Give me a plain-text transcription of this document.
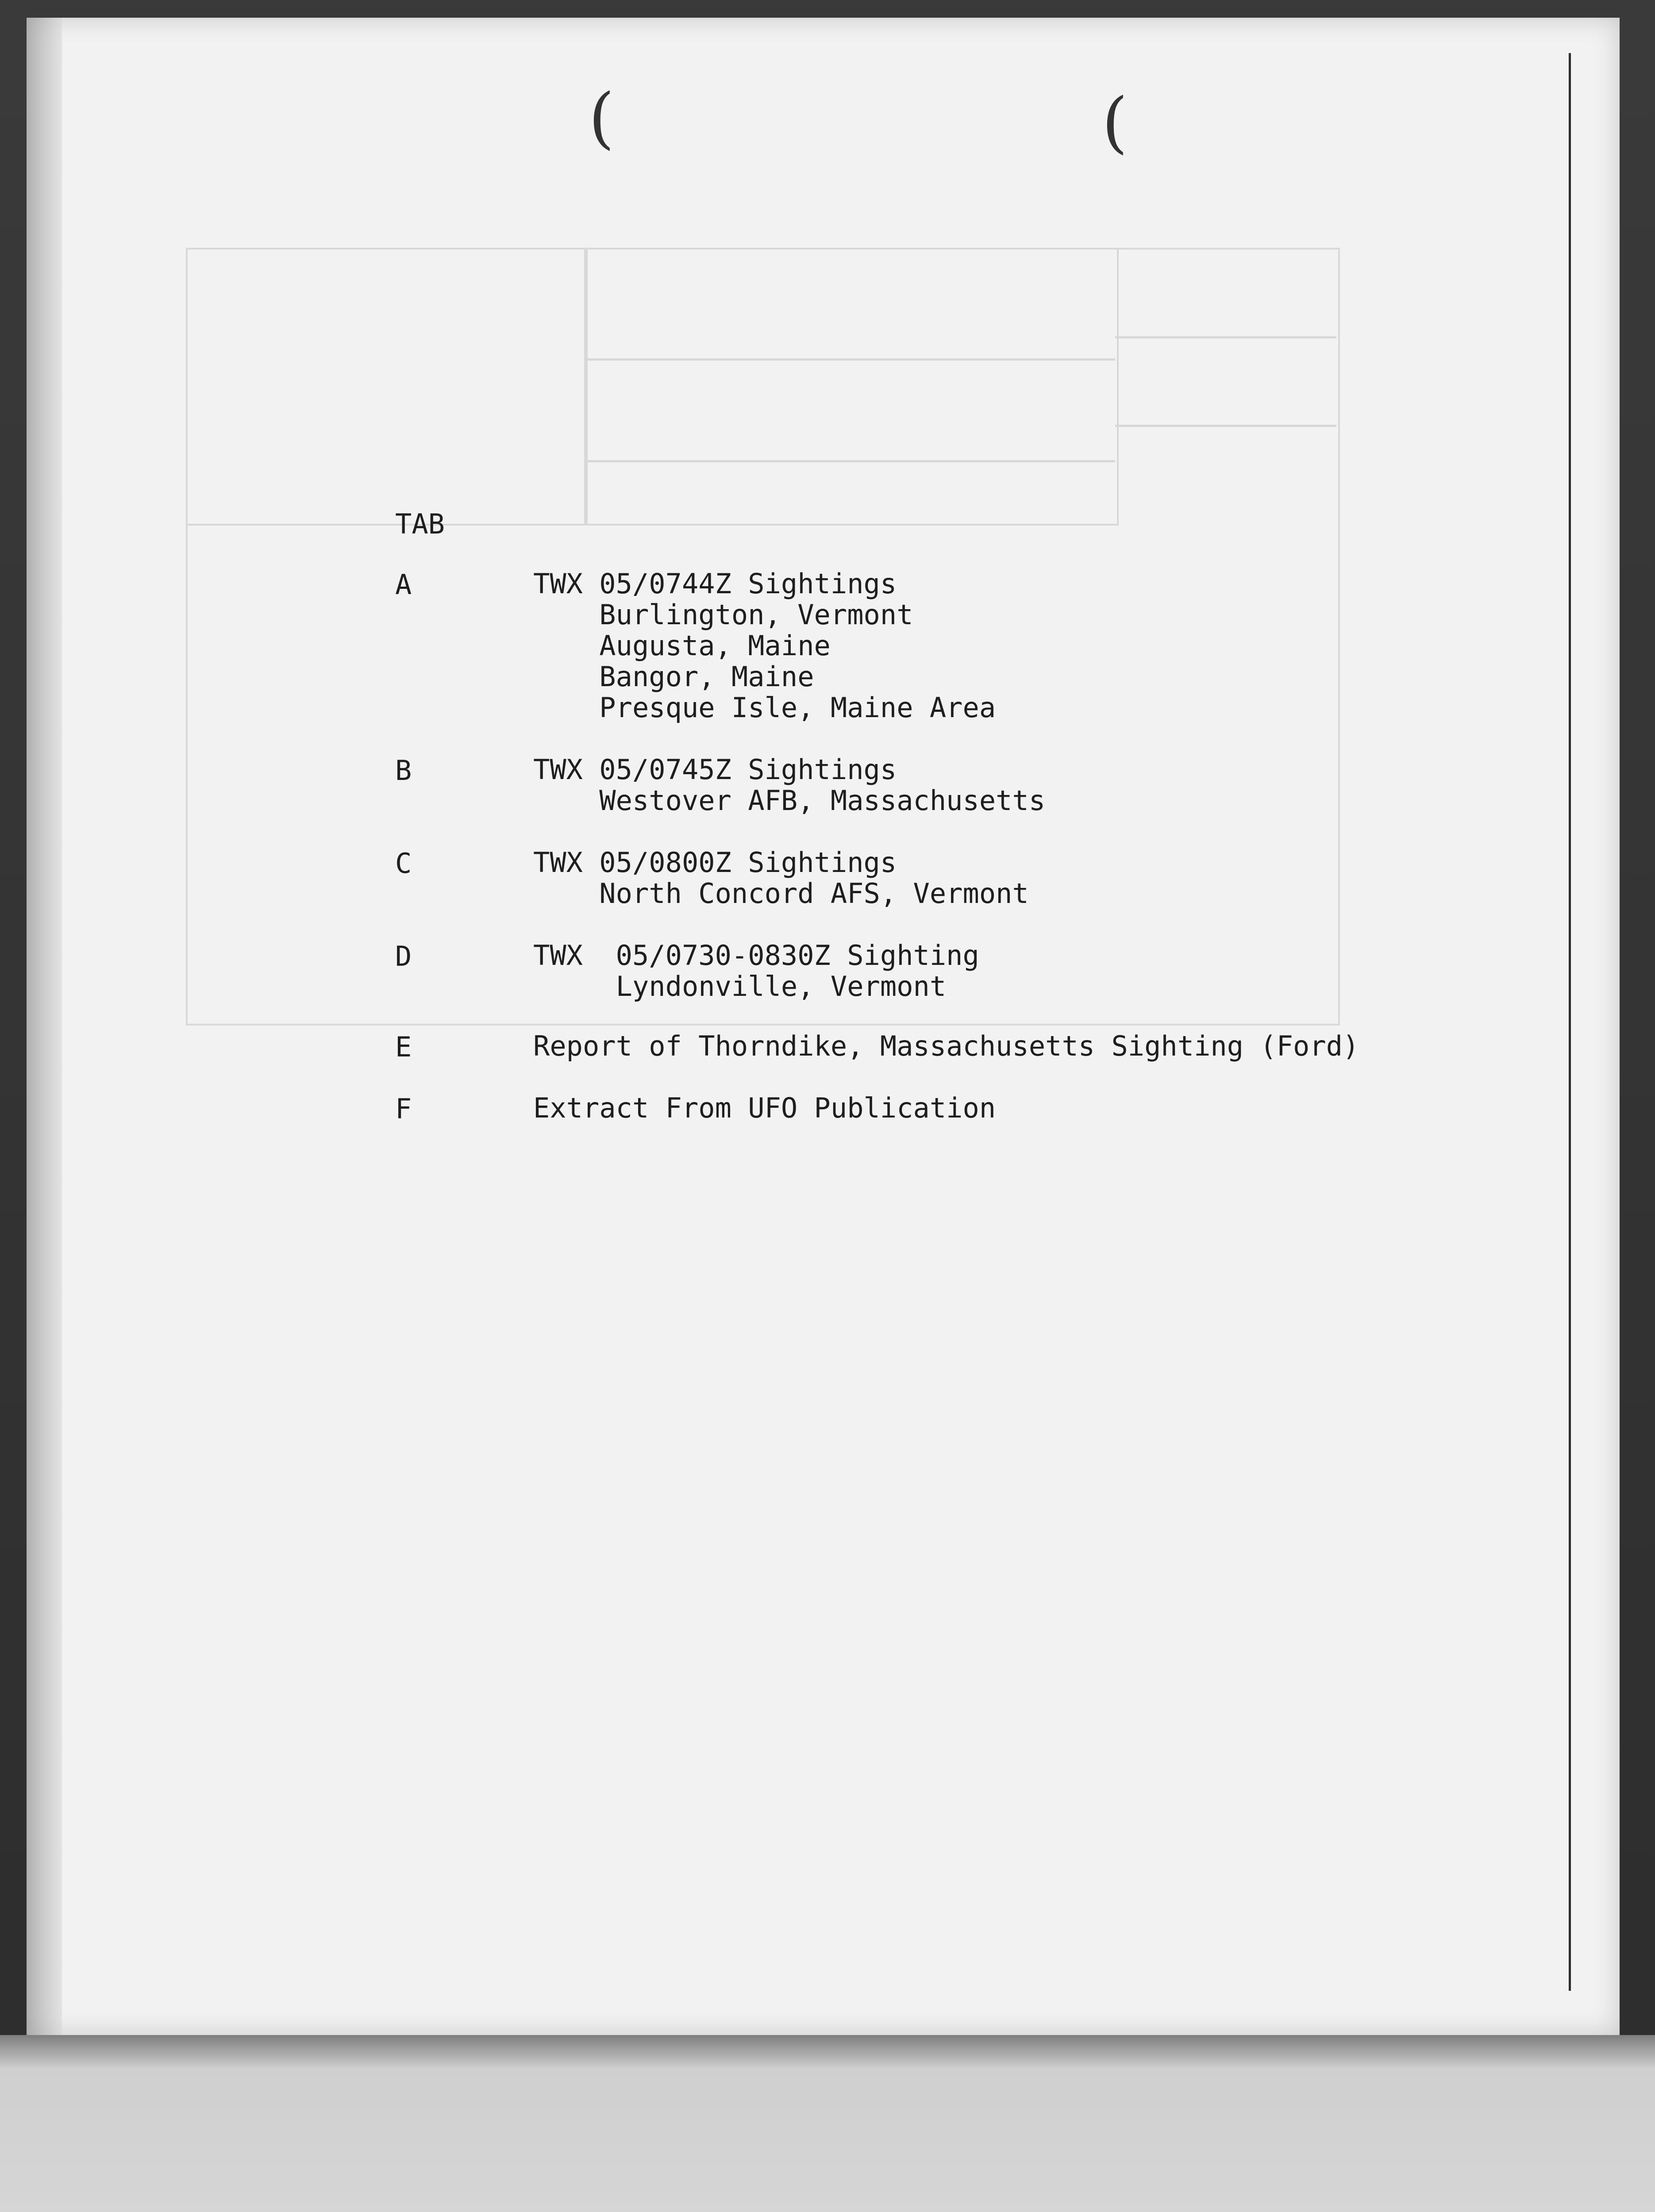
(	(
TAB
A	TWX 05/0744Z Sightings
Burlington, Vermont
Augusta, Maine
Bangor, Maine
Presque Isle, Maine Area
B	TWX 05/0745Z Sightings
Westover AFB, Massachusetts
C	TWX 05/0800Z Sightings
North Concord AFS, Vermont
D	TWX  05/0730-0830Z Sighting
Lyndonville, Vermont
E	Report of Thorndike, Massachusetts Sighting (Ford)
F	Extract From UFO Publication
